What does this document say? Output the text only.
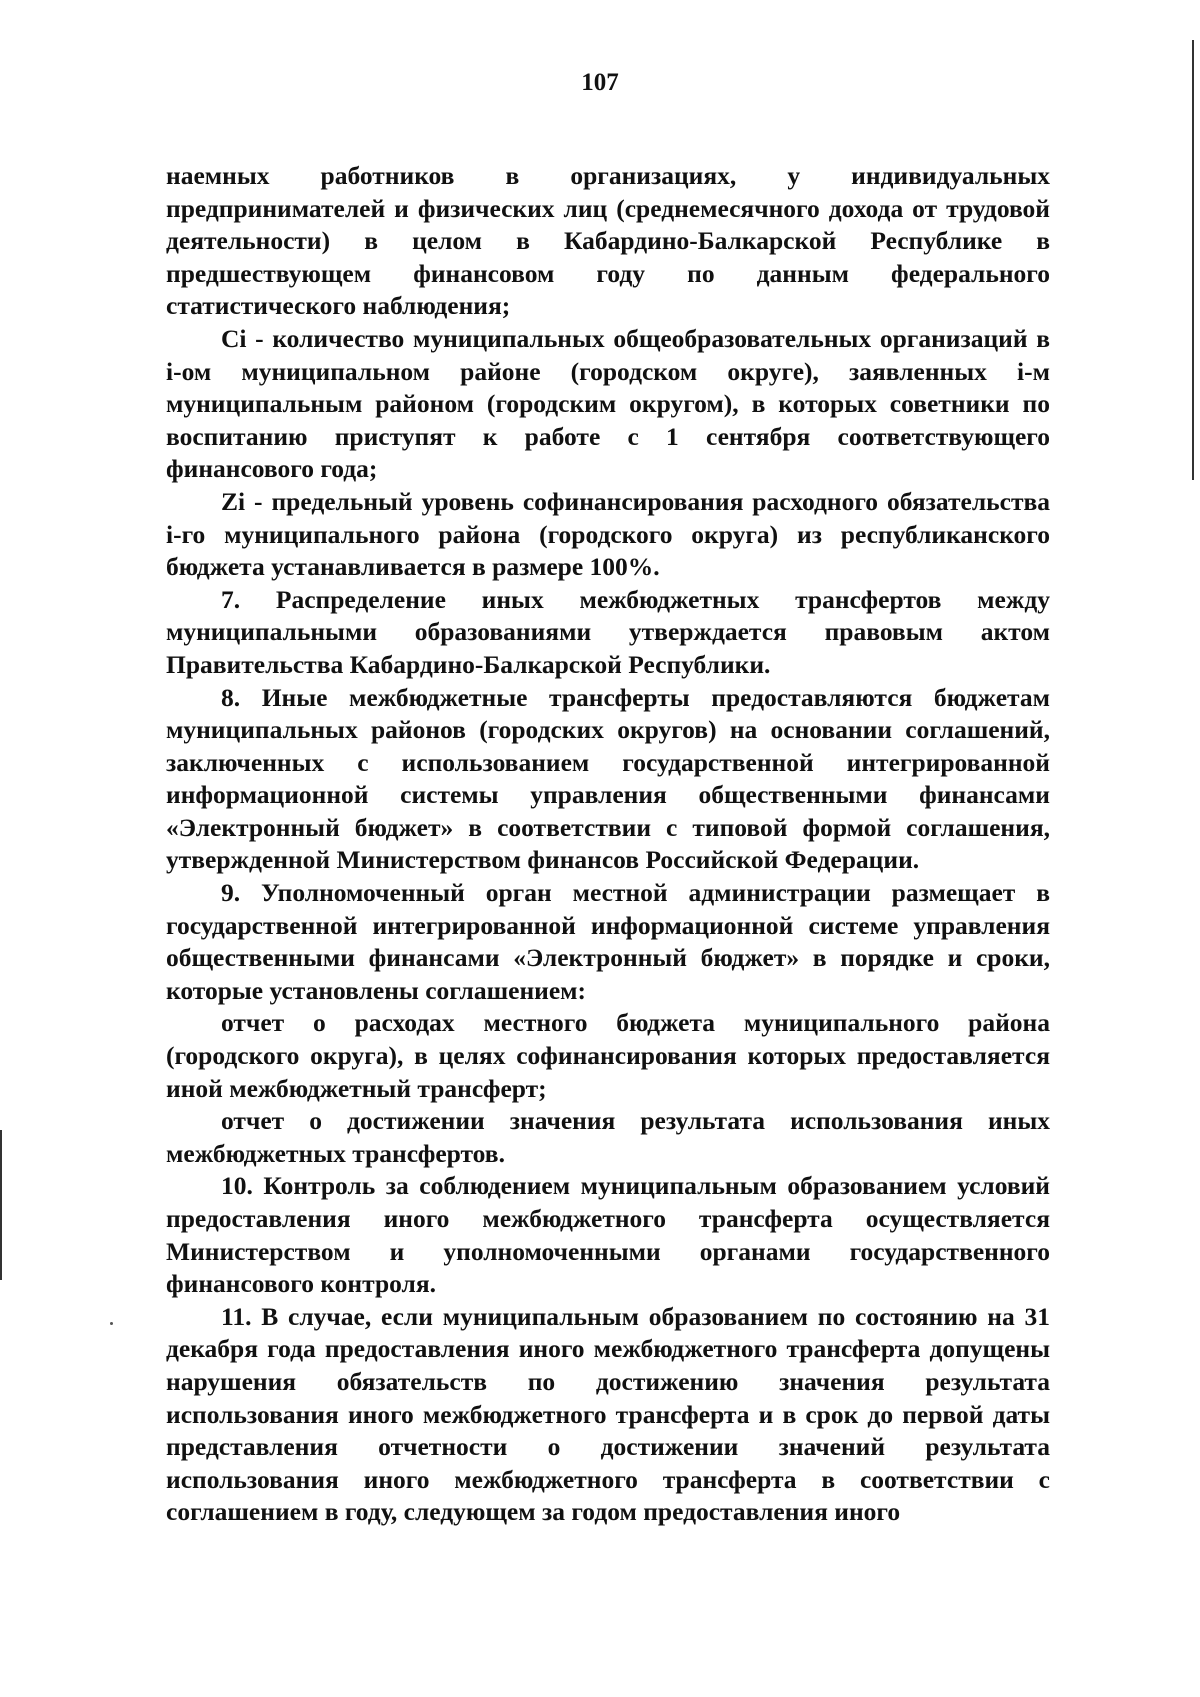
107

наемных работников в организациях, у индивидуальных предпринимателей и физических лиц (среднемесячного дохода от трудовой деятельности) в целом в Кабардино-Балкарской Республике в предшествующем финансовом году по данным федерального статистического наблюдения;

Ci - количество муниципальных общеобразовательных организаций в i-ом муниципальном районе (городском округе), заявленных i-м муниципальным районом (городским округом), в которых советники по воспитанию приступят к работе с 1 сентября соответствующего финансового года;

Zi - предельный уровень софинансирования расходного обязательства i-го муниципального района (городского округа) из республиканского бюджета устанавливается в размере 100%.

7. Распределение иных межбюджетных трансфертов между муниципальными образованиями утверждается правовым актом Правительства Кабардино-Балкарской Республики.

8. Иные межбюджетные трансферты предоставляются бюджетам муниципальных районов (городских округов) на основании соглашений, заключенных с использованием государственной интегрированной информационной системы управления общественными финансами «Электронный бюджет» в соответствии с типовой формой соглашения, утвержденной Министерством финансов Российской Федерации.

9. Уполномоченный орган местной администрации размещает в государственной интегрированной информационной системе управления общественными финансами «Электронный бюджет» в порядке и сроки, которые установлены соглашением:

отчет о расходах местного бюджета муниципального района (городского округа), в целях софинансирования которых предоставляется иной межбюджетный трансферт;

отчет о достижении значения результата использования иных межбюджетных трансфертов.

10. Контроль за соблюдением муниципальным образованием условий предоставления иного межбюджетного трансферта осуществляется Министерством и уполномоченными органами государственного финансового контроля.

11. В случае, если муниципальным образованием по состоянию на 31 декабря года предоставления иного межбюджетного трансферта допущены нарушения обязательств по достижению значения результата использования иного межбюджетного трансферта и в срок до первой даты представления отчетности о достижении значений результата использования иного межбюджетного трансферта в соответствии с соглашением в году, следующем за годом предоставления иного
